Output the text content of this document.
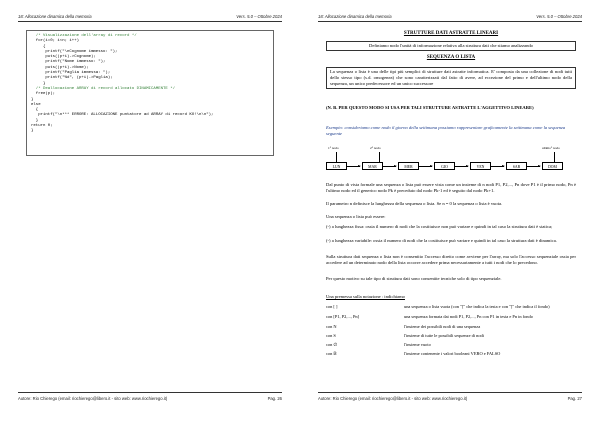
18: Allocazione dinamica della memoria	Vers. 5.0 – Ottobre 2024
/* Visualizzazione dell'array di record */
for(i=0; i<n; i++)
{
printf("\nCognome immesso: ");
puts((p+i)->Cognome);
printf("Nome immesso: ");
puts((p+i)->Nome);
printf("Paglia immessa: ");
printf("%d", (p+i)->Paglia);
}
/* Deallocazione ARRAY di record allocato DINAMICAMENTE */
free(p);
}
else
{
printf("\n*** ERRORE: ALLOCAZIONE puntatore ad ARRAY di record KO!\n\n");
}
return 0;
}
Autore: Rio Chierego (email: riochierego@libero.it - sito web: www.riochierego.it)	Pag. 26
18: Allocazione dinamica della memoria	Vers. 5.0 – Ottobre 2024
STRUTTURE DATI ASTRATTE LINEARI
Definiamo nodo l'unità di informazione relativa alla struttura dati che stiamo analizzando
SEQUENZA O LISTA
La sequenza o lista è una delle tipi più semplici di strutture dati astratte informatica. E' composta da una collezione di nodi tutti dello stesso tipo (s.d. omogenea) che sono caratterizzati dal fatto di avere, ad eccezione del primo e dell'ultimo nodo della sequenza, un unico predecessore ed un unico successore
(N. B. PER QUESTO MODO SI USA PER TALI STRUTTURE ASTRATTE L'AGGETTIVO LINEARE)
Esempio: consideriamo come nodo il giorno della settimana possiamo rappresentare graficamente la settimana come la sequenza seguente
1° nodo	2° nodo	ultimo° nodo
LUN	MAR	MER	GIO	VEN	SAB	DOM
Dal punto di vista formale una sequenza o lista può essere vista come un insieme di n nodi P1, P2,..., Pn dove P1 è il primo nodo, Pn è l'ultimo nodo ed il generico nodo Pk è preceduto dal nodo Pk-1 ed è seguito dal nodo Pk+1.
Il parametro n definisce la lunghezza della sequenza o lista. Se n = 0 la sequenza o lista è vuota.
Una sequenza o lista può essere:
(-) a lunghezza fissa: ossia il numero di nodi che la costituisce non può variare e quindi in tal caso la struttura dati è statica;
(-) a lunghezza variabile: ossia il numero di nodi che la costituisce può variare e quindi in tal caso la struttura dati è dinamica.
Sulla struttura dati sequenza o lista non è consentito l'accesso diretto come avviene per l'array, ma solo l'accesso sequenziale ossia per accedere ad un determinato nodo della lista occorre accedere prima necessariamente a tutti i nodi che lo precedono.
Per questo motivo su tale tipo di struttura dati sono consentite tecniche solo di tipo sequenziale.
Una premessa sulla notazione : indichiamo
con [ ]	una sequenza o lista vuota (con "[" che indica la testa e con "]" che indica il fondo)
con [P1, P2,..., Pn]	una sequenza formata dai nodi P1, P2,..., Pn con P1 in testa e Pn in fondo
con N	l'insieme dei possibili nodi di una sequenza
con S	l'insieme di tutte le possibili sequenze di nodi
con ∅	l'insieme vuoto
con 𝔹	l'insieme contenente i valori booleani VERO e FALSO
Autore: Rio Chierego (email: riochierego@libero.it - sito web: www.riochierego.it)	Pag. 27
